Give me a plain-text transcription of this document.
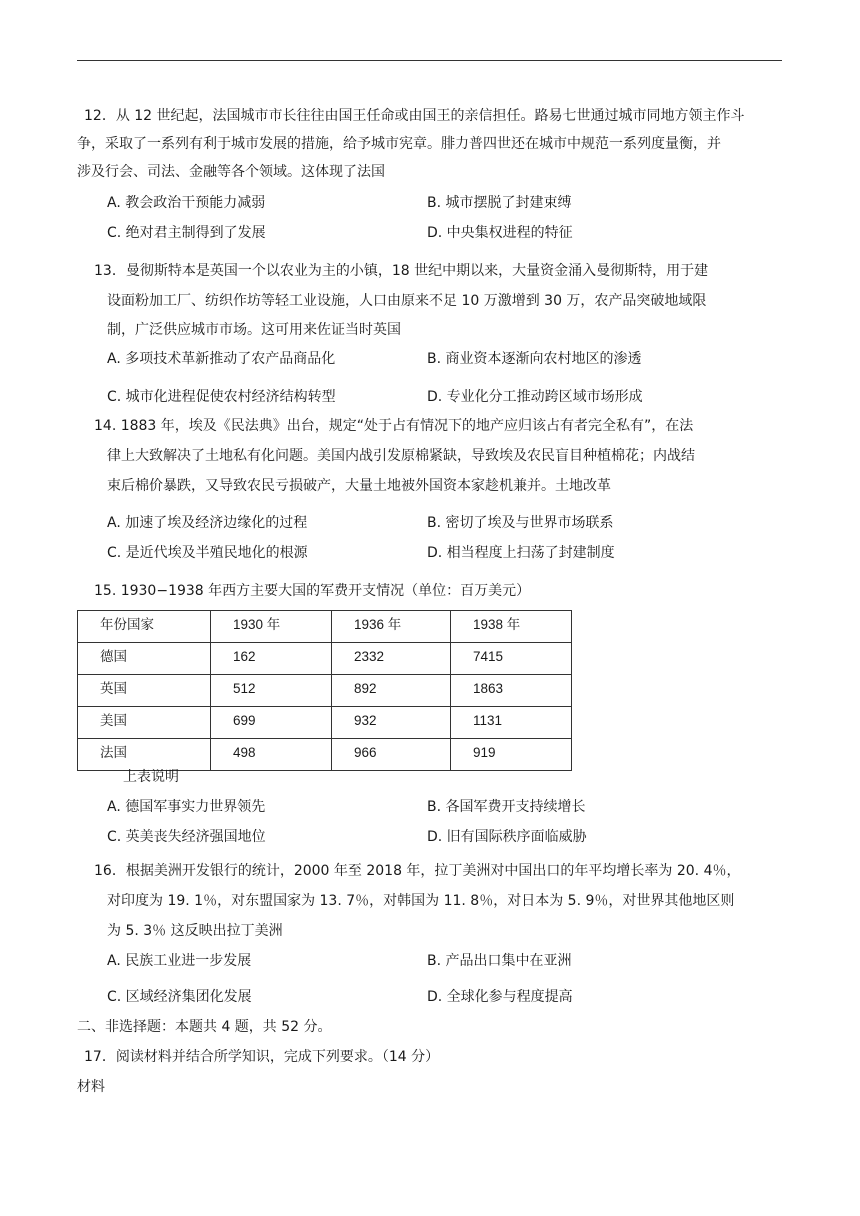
12．从 12 世纪起，法国城市市长往往由国王任命或由国王的亲信担任。路易七世通过城市同地方领主作斗
争，采取了一系列有利于城市发展的措施，给予城市宪章。腓力普四世还在城市中规范一系列度量衡，并
涉及行会、司法、金融等各个领域。这体现了法国
A. 教会政治干预能力减弱	B. 城市摆脱了封建束缚
C. 绝对君主制得到了发展	D. 中央集权进程的特征
13．曼彻斯特本是英国一个以农业为主的小镇，18 世纪中期以来，大量资金涌入曼彻斯特，用于建
设面粉加工厂、纺织作坊等轻工业设施，人口由原来不足 10 万激增到 30 万，农产品突破地域限
制，广泛供应城市市场。这可用来佐证当时英国
A. 多项技术革新推动了农产品商品化	B. 商业资本逐渐向农村地区的渗透
C. 城市化进程促使农村经济结构转型	D. 专业化分工推动跨区域市场形成
14. 1883 年，埃及《民法典》出台，规定“处于占有情况下的地产应归该占有者完全私有”，在法
律上大致解决了土地私有化问题。美国内战引发原棉紧缺，导致埃及农民盲目种植棉花；内战结
束后棉价暴跌，又导致农民亏损破产，大量土地被外国资本家趁机兼并。土地改革
A. 加速了埃及经济边缘化的过程	B. 密切了埃及与世界市场联系
C. 是近代埃及半殖民地化的根源	D. 相当程度上扫荡了封建制度
15. 1930−1938 年西方主要大国的军费开支情况（单位：百万美元）
年份国家	1930 年	1936 年	1938 年
德国	162	2332	7415
英国	512	892	1863
美国	699	932	1131
法国	498	966	919
上表说明
A. 德国军事实力世界领先	B. 各国军费开支持续增长
C. 英美丧失经济强国地位	D. 旧有国际秩序面临威胁
16．根据美洲开发银行的统计，2000 年至 2018 年，拉丁美洲对中国出口的年平均增长率为 20. 4％，
对印度为 19. 1％，对东盟国家为 13. 7％，对韩国为 11. 8％，对日本为 5. 9％，对世界其他地区则
为 5. 3％ 这反映出拉丁美洲
A. 民族工业进一步发展	B. 产品出口集中在亚洲
C. 区域经济集团化发展	D. 全球化参与程度提高
二、非选择题：本题共 4 题，共 52 分。
17．阅读材料并结合所学知识，完成下列要求。（14 分）
材料
